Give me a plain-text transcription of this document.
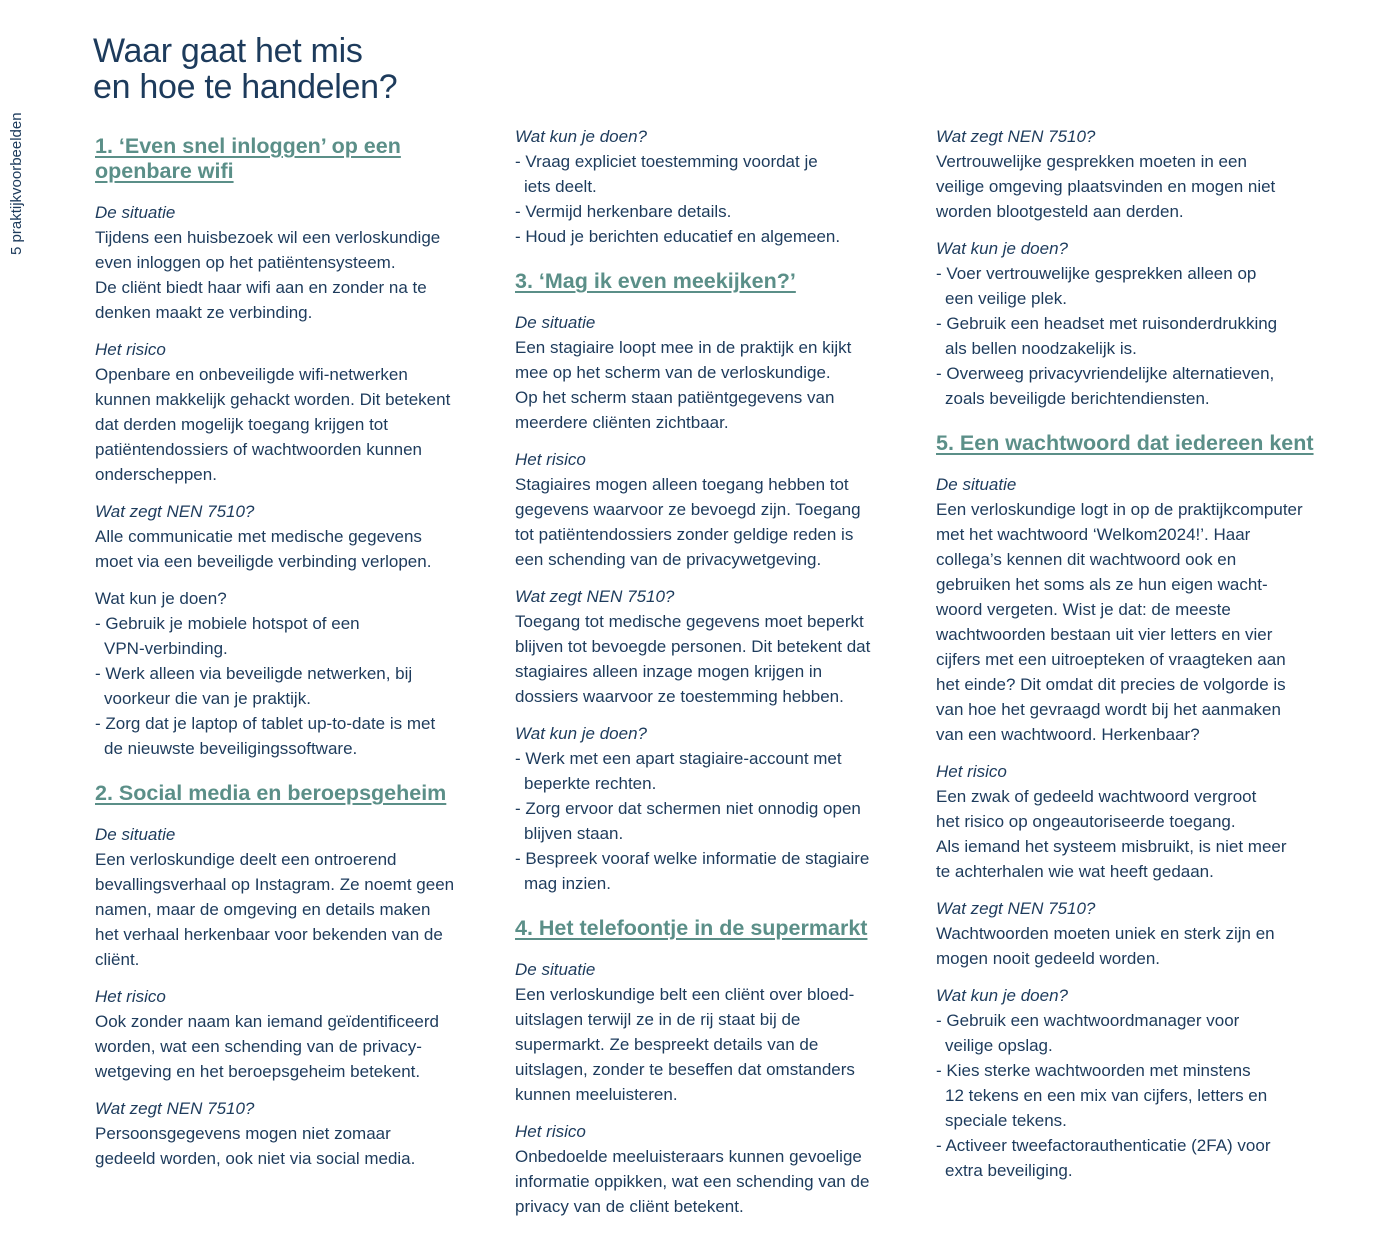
5 praktijkvoorbeelden
Waar gaat het mis
en hoe te handelen?
1. ‘Even snel inloggen’ op een
openbare wifi
De situatie

Tijdens een huisbezoek wil een verloskundige
even inloggen op het patiëntensysteem.
De cliënt biedt haar wifi aan en zonder na te
denken maakt ze verbinding.

Het risico

Openbare en onbeveiligde wifi-netwerken
kunnen makkelijk gehackt worden. Dit betekent
dat derden mogelijk toegang krijgen tot
patiëntendossiers of wachtwoorden kunnen
onderscheppen.

Wat zegt NEN 7510?

Alle communicatie met medische gegevens
moet via een beveiligde verbinding verlopen.

Wat kun je doen?
- Gebruik je mobiele hotspot of een
VPN-verbinding.
- Werk alleen via beveiligde netwerken, bij
voorkeur die van je praktijk.
- Zorg dat je laptop of tablet up-to-date is met
de nieuwste beveiligingssoftware.
2. Social media en beroepsgeheim
De situatie

Een verloskundige deelt een ontroerend
bevallingsverhaal op Instagram. Ze noemt geen
namen, maar de omgeving en details maken
het verhaal herkenbaar voor bekenden van de
cliënt.

Het risico

Ook zonder naam kan iemand geïdentificeerd
worden, wat een schending van de privacy-
wetgeving en het beroepsgeheim betekent.

Wat zegt NEN 7510?

Persoonsgegevens mogen niet zomaar
gedeeld worden, ook niet via social media.

Wat kun je doen?
- Vraag expliciet toestemming voordat je
iets deelt.
- Vermijd herkenbare details.
- Houd je berichten educatief en algemeen.
3. ‘Mag ik even meekijken?’
De situatie

Een stagiaire loopt mee in de praktijk en kijkt
mee op het scherm van de verloskundige.
Op het scherm staan patiëntgegevens van
meerdere cliënten zichtbaar.

Het risico

Stagiaires mogen alleen toegang hebben tot
gegevens waarvoor ze bevoegd zijn. Toegang
tot patiëntendossiers zonder geldige reden is
een schending van de privacywetgeving.

Wat zegt NEN 7510?

Toegang tot medische gegevens moet beperkt
blijven tot bevoegde personen. Dit betekent dat
stagiaires alleen inzage mogen krijgen in
dossiers waarvoor ze toestemming hebben.

Wat kun je doen?
- Werk met een apart stagiaire-account met
beperkte rechten.
- Zorg ervoor dat schermen niet onnodig open
blijven staan.
- Bespreek vooraf welke informatie de stagiaire
mag inzien.
4. Het telefoontje in de supermarkt
De situatie

Een verloskundige belt een cliënt over bloed-
uitslagen terwijl ze in de rij staat bij de
supermarkt. Ze bespreekt details van de
uitslagen, zonder te beseffen dat omstanders
kunnen meeluisteren.

Het risico

Onbedoelde meeluisteraars kunnen gevoelige
informatie oppikken, wat een schending van de
privacy van de cliënt betekent.

Wat zegt NEN 7510?

Vertrouwelijke gesprekken moeten in een
veilige omgeving plaatsvinden en mogen niet
worden blootgesteld aan derden.

Wat kun je doen?
- Voer vertrouwelijke gesprekken alleen op
een veilige plek.
- Gebruik een headset met ruisonderdrukking
als bellen noodzakelijk is.
- Overweeg privacyvriendelijke alternatieven,
zoals beveiligde berichtendiensten.
5. Een wachtwoord dat iedereen kent
De situatie

Een verloskundige logt in op de praktijkcomputer
met het wachtwoord ‘Welkom2024!’. Haar
collega’s kennen dit wachtwoord ook en
gebruiken het soms als ze hun eigen wacht-
woord vergeten. Wist je dat: de meeste
wachtwoorden bestaan uit vier letters en vier
cijfers met een uitroepteken of vraagteken aan
het einde? Dit omdat dit precies de volgorde is
van hoe het gevraagd wordt bij het aanmaken
van een wachtwoord. Herkenbaar?

Het risico

Een zwak of gedeeld wachtwoord vergroot
het risico op ongeautoriseerde toegang.
Als iemand het systeem misbruikt, is niet meer
te achterhalen wie wat heeft gedaan.

Wat zegt NEN 7510?

Wachtwoorden moeten uniek en sterk zijn en
mogen nooit gedeeld worden.

Wat kun je doen?
- Gebruik een wachtwoordmanager voor
veilige opslag.
- Kies sterke wachtwoorden met minstens
12 tekens en een mix van cijfers, letters en
speciale tekens.
- Activeer tweefactorauthenticatie (2FA) voor
extra beveiliging.
